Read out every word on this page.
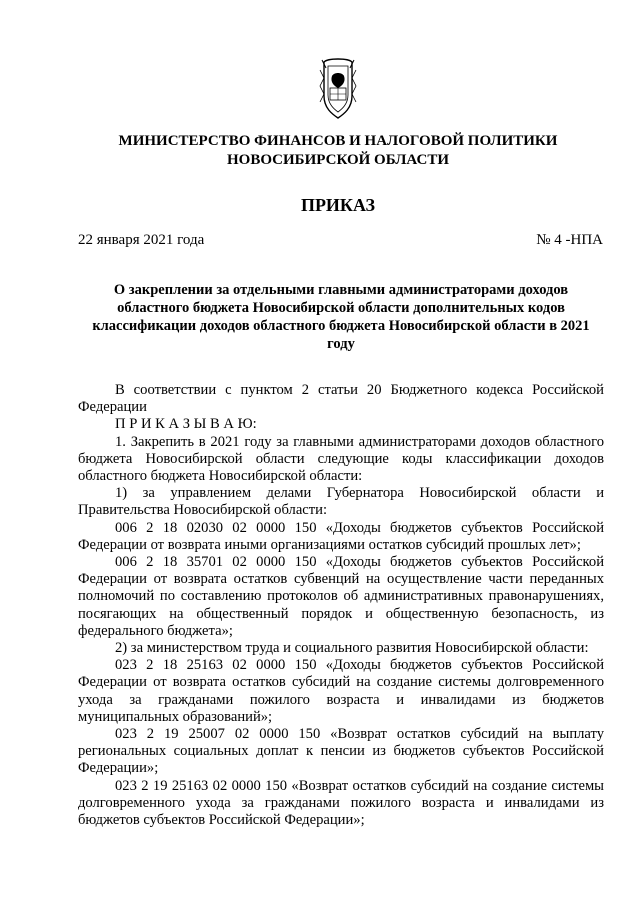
МИНИСТЕРСТВО ФИНАНСОВ И НАЛОГОВОЙ ПОЛИТИКИ
НОВОСИБИРСКОЙ ОБЛАСТИ
ПРИКАЗ
22 января 2021 года	№ 4 -НПА
О закреплении за отдельными главными администраторами доходов областного бюджета Новосибирской области дополнительных кодов классификации доходов областного бюджета Новосибирской области в 2021 году

В соответствии с пунктом 2 статьи 20 Бюджетного кодекса Российской Федерации

П Р И К А З Ы В А Ю:

1. Закрепить в 2021 году за главными администраторами доходов областного бюджета Новосибирской области следующие коды классификации доходов областного бюджета Новосибирской области:

1) за управлением делами Губернатора Новосибирской области и Правительства Новосибирской области:

006 2 18 02030 02 0000 150 «Доходы бюджетов субъектов Российской Федерации от возврата иными организациями остатков субсидий прошлых лет»;

006 2 18 35701 02 0000 150 «Доходы бюджетов субъектов Российской Федерации от возврата остатков субвенций на осуществление части переданных полномочий по составлению протоколов об административных правонарушениях, посягающих на общественный порядок и общественную безопасность, из федерального бюджета»;

2) за министерством труда и социального развития Новосибирской области:

023 2 18 25163 02 0000 150 «Доходы бюджетов субъектов Российской Федерации от возврата остатков субсидий на создание системы долговременного ухода за гражданами пожилого возраста и инвалидами из бюджетов муниципальных образований»;

023 2 19 25007 02 0000 150 «Возврат остатков субсидий на выплату региональных социальных доплат к пенсии из бюджетов субъектов Российской Федерации»;

023 2 19 25163 02 0000 150 «Возврат остатков субсидий на создание системы долговременного ухода за гражданами пожилого возраста и инвалидами из бюджетов субъектов Российской Федерации»;
